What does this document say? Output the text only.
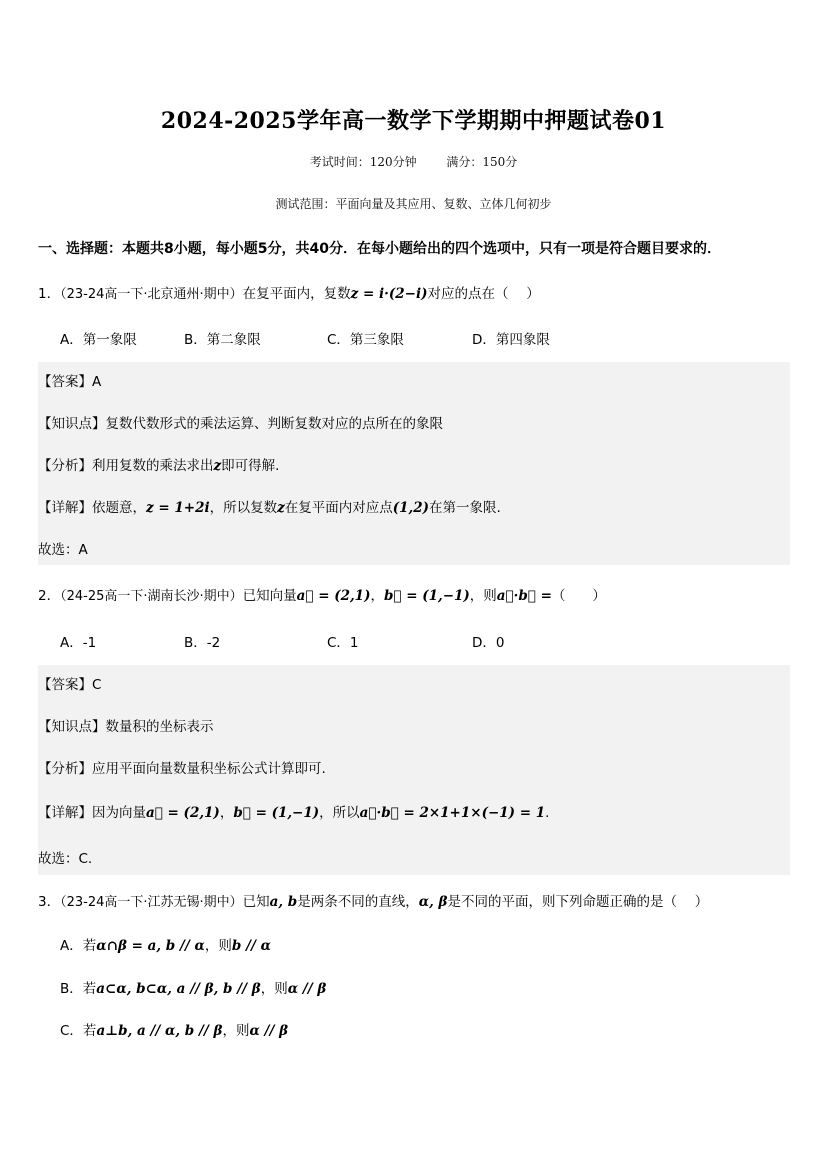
2024-2025学年高一数学下学期期中押题试卷01
考试时间：120分钟 满分：150分
测试范围：平面向量及其应用、复数、立体几何初步
一、选择题：本题共8小题，每小题5分，共40分．在每小题给出的四个选项中，只有一项是符合题目要求的．
1．（23-24高一下·北京通州·期中）在复平面内，复数z = i·(2−i)对应的点在（　 ）
A．第一象限	B．第二象限	C．第三象限	D．第四象限
【答案】A
【知识点】复数代数形式的乘法运算、判断复数对应的点所在的象限
【分析】利用复数的乘法求出z即可得解.
【详解】依题意，z = 1+2i，所以复数z在复平面内对应点(1,2)在第一象限.
故选：A
2．（24-25高一下·湖南长沙·期中）已知向量a⃗ = (2,1)，b⃗ = (1,−1)，则a⃗·b⃗ =（　　）
A．-1	B．-2	C．1	D．0
【答案】C
【知识点】数量积的坐标表示
【分析】应用平面向量数量积坐标公式计算即可.
【详解】因为向量a⃗ = (2,1)，b⃗ = (1,−1)，所以a⃗·b⃗ = 2×1+1×(−1) = 1.
故选：C.
3．（23-24高一下·江苏无锡·期中）已知a, b是两条不同的直线，α, β是不同的平面，则下列命题正确的是（　 ）
A．若α∩β = a, b // α，则b // α
B．若a⊂α, b⊂α, a // β, b // β，则α // β
C．若a⊥b, a // α, b // β，则α // β
